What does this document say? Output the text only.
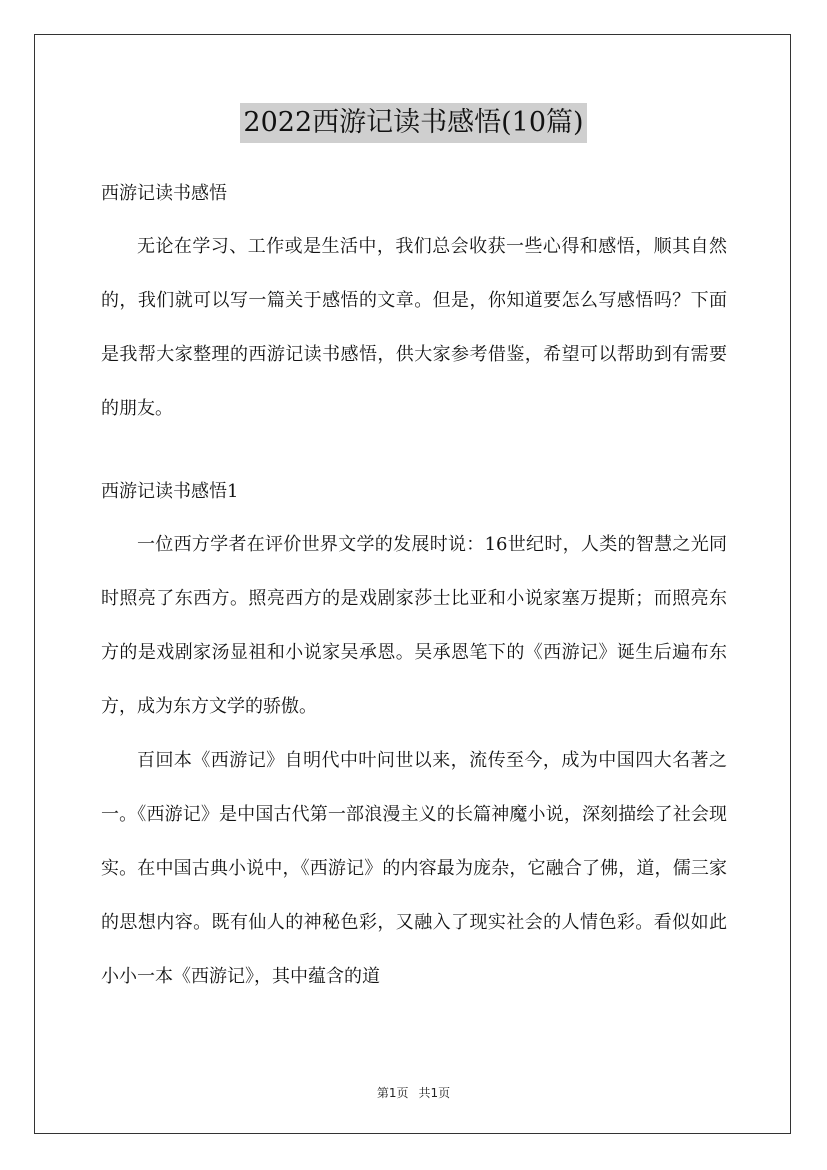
2022西游记读书感悟(10篇)

西游记读书感悟

无论在学习、工作或是生活中，我们总会收获一些心得和感悟，顺其自然的，我们就可以写一篇关于感悟的文章。但是，你知道要怎么写感悟吗？下面是我帮大家整理的西游记读书感悟，供大家参考借鉴，希望可以帮助到有需要的朋友。

西游记读书感悟1

一位西方学者在评价世界文学的发展时说：16世纪时，人类的智慧之光同时照亮了东西方。照亮西方的是戏剧家莎士比亚和小说家塞万提斯；而照亮东方的是戏剧家汤显祖和小说家吴承恩。吴承恩笔下的《西游记》诞生后遍布东方，成为东方文学的骄傲。

百回本《西游记》自明代中叶问世以来，流传至今，成为中国四大名著之一。《西游记》是中国古代第一部浪漫主义的长篇神魔小说，深刻描绘了社会现实。在中国古典小说中，《西游记》的内容最为庞杂，它融合了佛，道，儒三家的思想内容。既有仙人的神秘色彩，又融入了现实社会的人情色彩。看似如此小小一本《西游记》，其中蕴含的道

第1页 共1页
